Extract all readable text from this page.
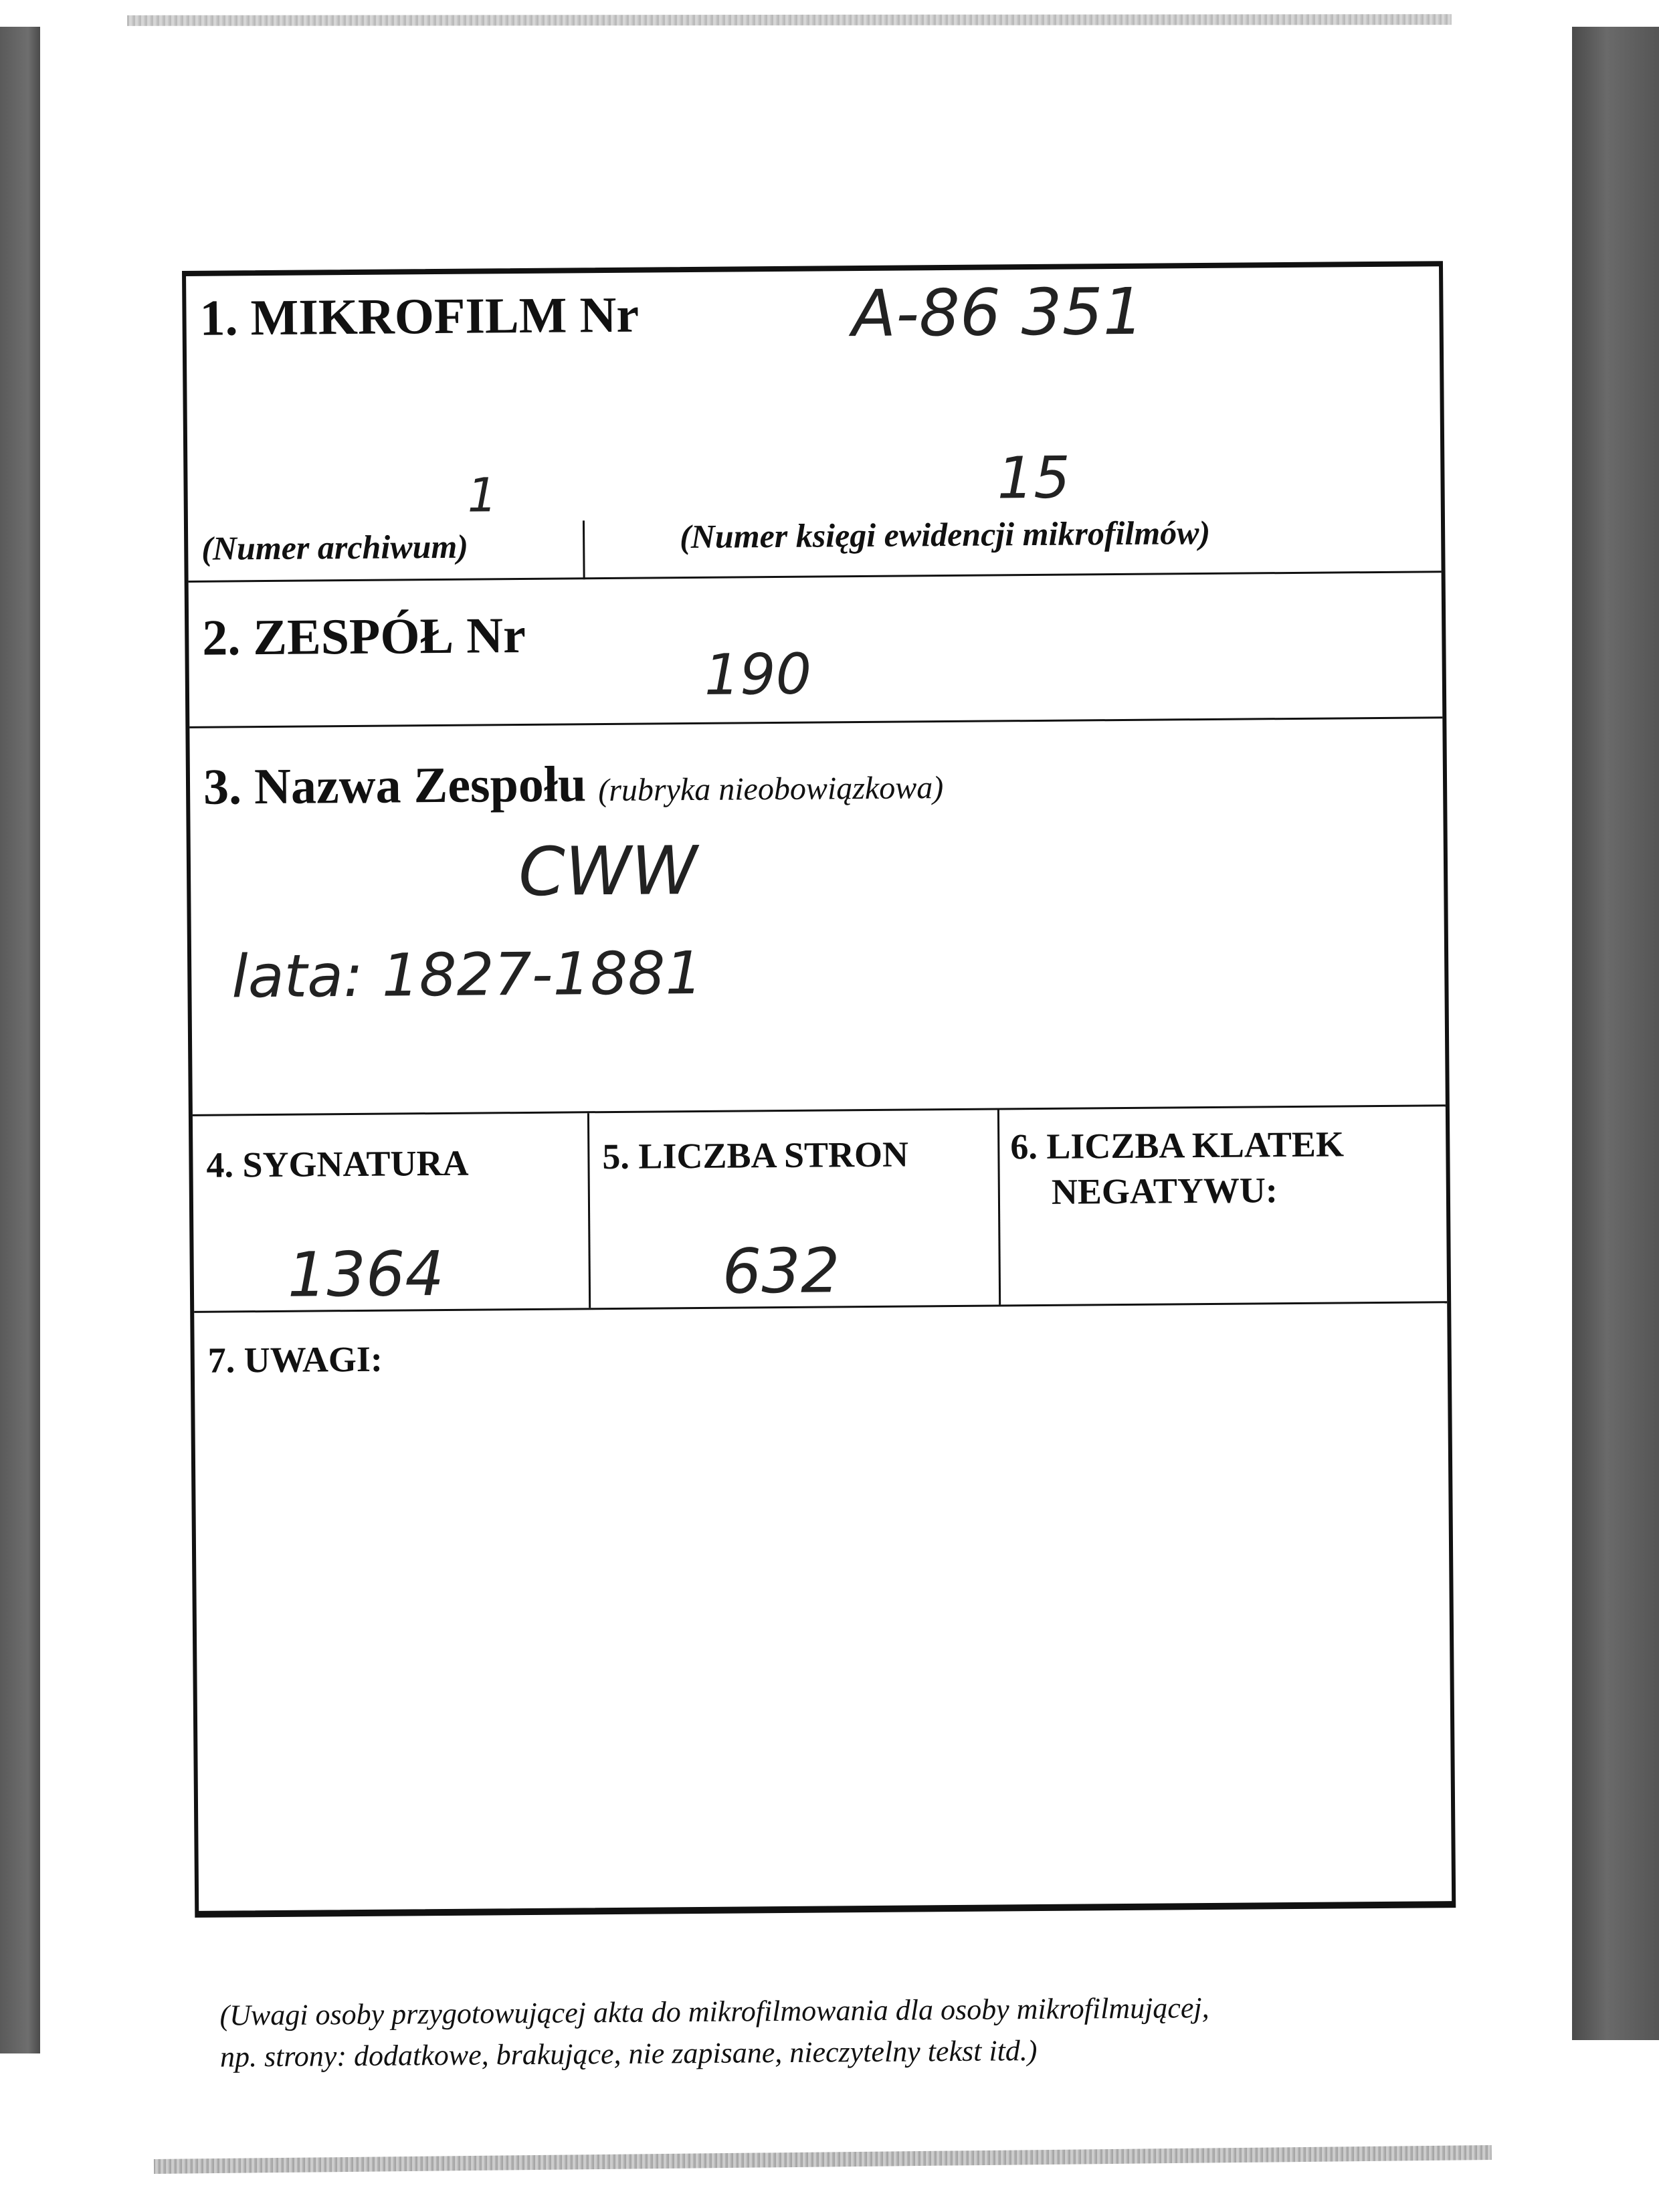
1. MIKROFILM Nr	A-86 351
1	15
(Numer archiwum)	(Numer księgi ewidencji mikrofilmów)
2. ZESPÓŁ Nr
190
3. Nazwa Zespołu (rubryka nieobowiązkowa)
CWW
lata: 1827-1881
4. SYGNATURA
1364
5. LICZBA STRON
632
6. LICZBA KLATEK
NEGATYWU:
7. UWAGI:
(Uwagi osoby przygotowującej akta do mikrofilmowania dla osoby mikrofilmującej,
np. strony: dodatkowe, brakujące, nie zapisane, nieczytelny tekst itd.)
